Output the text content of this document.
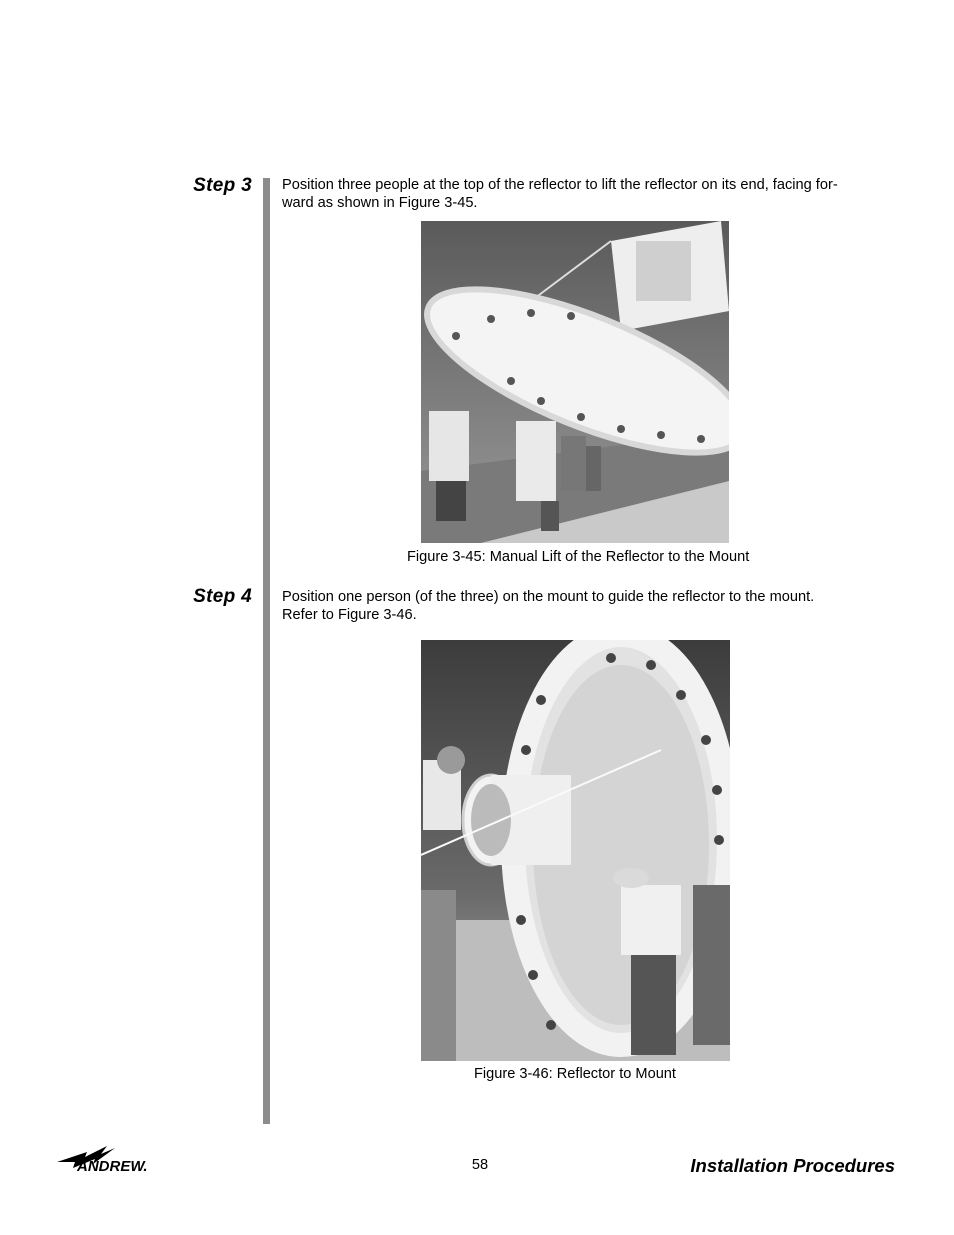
Step 3 Position three people at the top of the reflector to lift the reflector on its end, facing for-
ward as shown in Figure 3-45.
Figure 3-45: Manual Lift of the Reflector to the Mount
Step 4 Position one person (of the three) on the mount to guide the reflector to the mount.
Refer to Figure 3-46.
Figure 3-46: Reflector to Mount
ANDREW.	58	Installation Procedures
